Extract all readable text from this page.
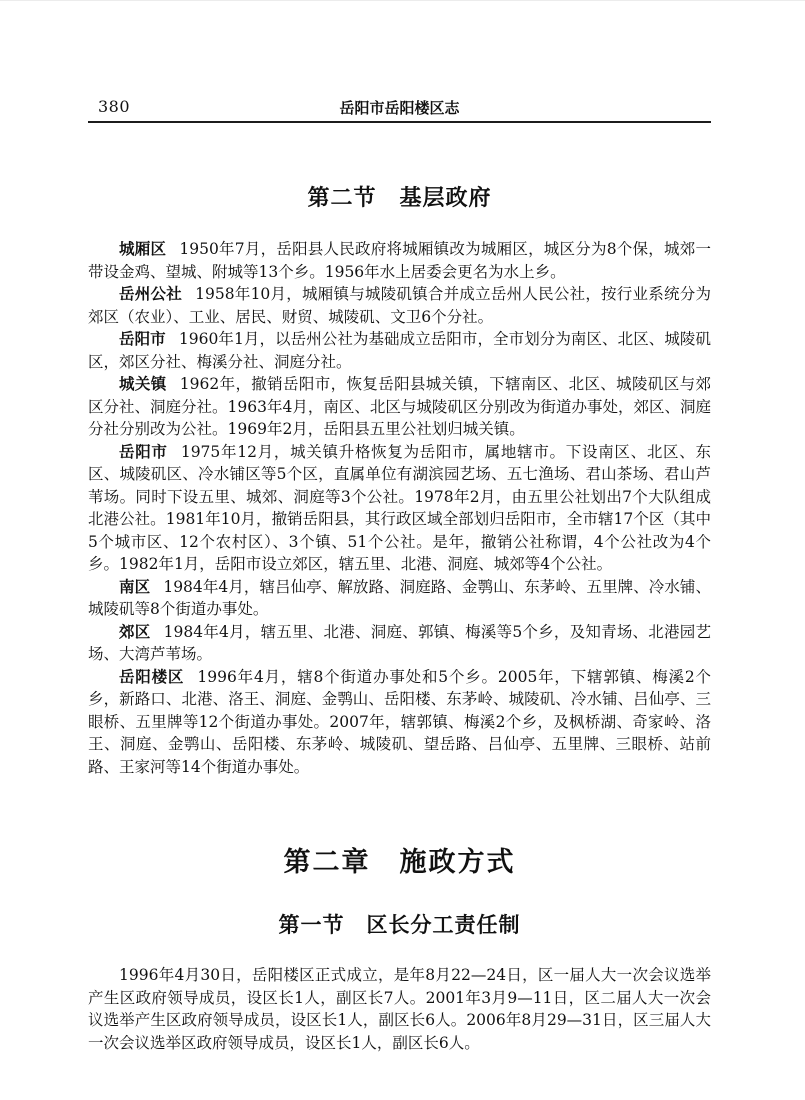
380	岳阳市岳阳楼区志
第二节　基层政府

城厢区 1950年7月，岳阳县人民政府将城厢镇改为城厢区，城区分为8个保，城郊一带设金鸡、望城、附城等13个乡。1956年水上居委会更名为水上乡。

岳州公社 1958年10月，城厢镇与城陵矶镇合并成立岳州人民公社，按行业系统分为郊区（农业）、工业、居民、财贸、城陵矶、文卫6个分社。

岳阳市 1960年1月，以岳州公社为基础成立岳阳市，全市划分为南区、北区、城陵矶区，郊区分社、梅溪分社、洞庭分社。

城关镇 1962年，撤销岳阳市，恢复岳阳县城关镇，下辖南区、北区、城陵矶区与郊区分社、洞庭分社。1963年4月，南区、北区与城陵矶区分别改为街道办事处，郊区、洞庭分社分别改为公社。1969年2月，岳阳县五里公社划归城关镇。

岳阳市 1975年12月，城关镇升格恢复为岳阳市，属地辖市。下设南区、北区、东区、城陵矶区、冷水铺区等5个区，直属单位有湖滨园艺场、五七渔场、君山茶场、君山芦苇场。同时下设五里、城郊、洞庭等3个公社。1978年2月，由五里公社划出7个大队组成北港公社。1981年10月，撤销岳阳县，其行政区域全部划归岳阳市，全市辖17个区（其中5个城市区、12个农村区）、3个镇、51个公社。是年，撤销公社称谓，4个公社改为4个乡。1982年1月，岳阳市设立郊区，辖五里、北港、洞庭、城郊等4个公社。

南区 1984年4月，辖吕仙亭、解放路、洞庭路、金鹗山、东茅岭、五里牌、冷水铺、城陵矶等8个街道办事处。

郊区 1984年4月，辖五里、北港、洞庭、郭镇、梅溪等5个乡，及知青场、北港园艺场、大湾芦苇场。

岳阳楼区 1996年4月，辖8个街道办事处和5个乡。2005年，下辖郭镇、梅溪2个乡，新路口、北港、洛王、洞庭、金鹗山、岳阳楼、东茅岭、城陵矶、冷水铺、吕仙亭、三眼桥、五里牌等12个街道办事处。2007年，辖郭镇、梅溪2个乡，及枫桥湖、奇家岭、洛王、洞庭、金鹗山、岳阳楼、东茅岭、城陵矶、望岳路、吕仙亭、五里牌、三眼桥、站前路、王家河等14个街道办事处。

第二章　施政方式
第一节　区长分工责任制

1996年4月30日，岳阳楼区正式成立，是年8月22—24日，区一届人大一次会议选举产生区政府领导成员，设区长1人，副区长7人。2001年3月9—11日，区二届人大一次会议选举产生区政府领导成员，设区长1人，副区长6人。2006年8月29—31日，区三届人大一次会议选举区政府领导成员，设区长1人，副区长6人。
